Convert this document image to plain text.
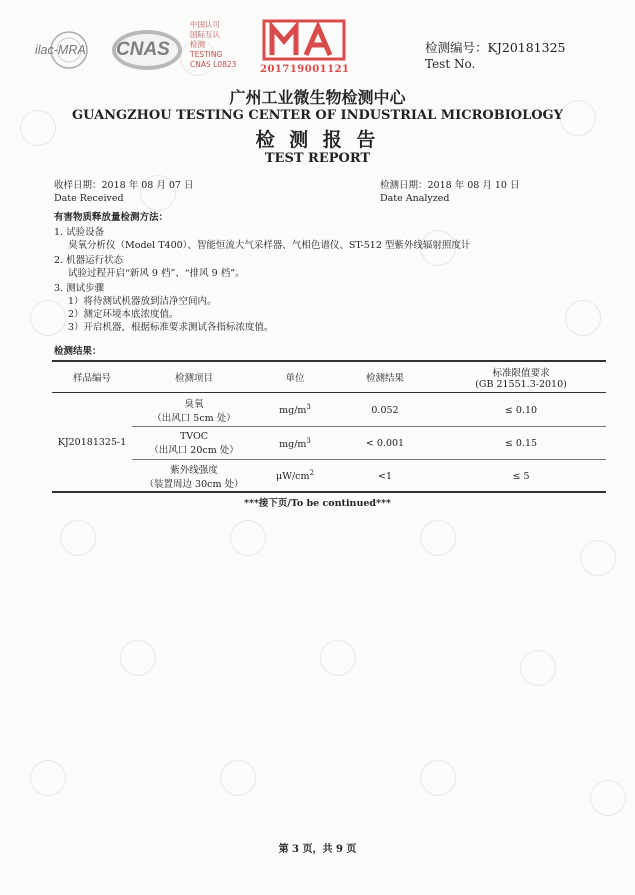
ilac-MRA CNAS
中国认可
国际互认
检测
TESTING
CNAS L0823 201719001121
检测编号：KJ20181325
Test No.
广州工业微生物检测中心
GUANGZHOU TESTING CENTER OF INDUSTRIAL MICROBIOLOGY
检 测 报 告
TEST REPORT
收样日期：2018 年 08 月 07 日
Date Received
检测日期：2018 年 08 月 10 日
Date Analyzed
有害物质释放量检测方法：
1. 试验设备
臭氧分析仪（Model T400）、智能恒流大气采样器、气相色谱仪、ST-512 型紫外线辐射照度计
2. 机器运行状态
试验过程开启“新风 9 档”、“排风 9 档”。
3. 测试步骤
1）将待测试机器放到洁净空间内。
2）测定环境本底浓度值。
3）开启机器，根据标准要求测试各指标浓度值。
检测结果：
样品编号	检测项目	单位	检测结果	标准限值要求
(GB 21551.3-2010)

KJ20181325-1	臭氧
（出风口 5cm 处）	$mg/m^3$	0.052	≤ 0.10

	TVOC
（出风口 20cm 处）	$mg/m^3$	< 0.001	≤ 0.15

	紫外线强度
（装置周边 30cm 处）	$\mu W/cm^2$	<1	≤ 5
***接下页/To be continued***
第 3 页，共 9 页
